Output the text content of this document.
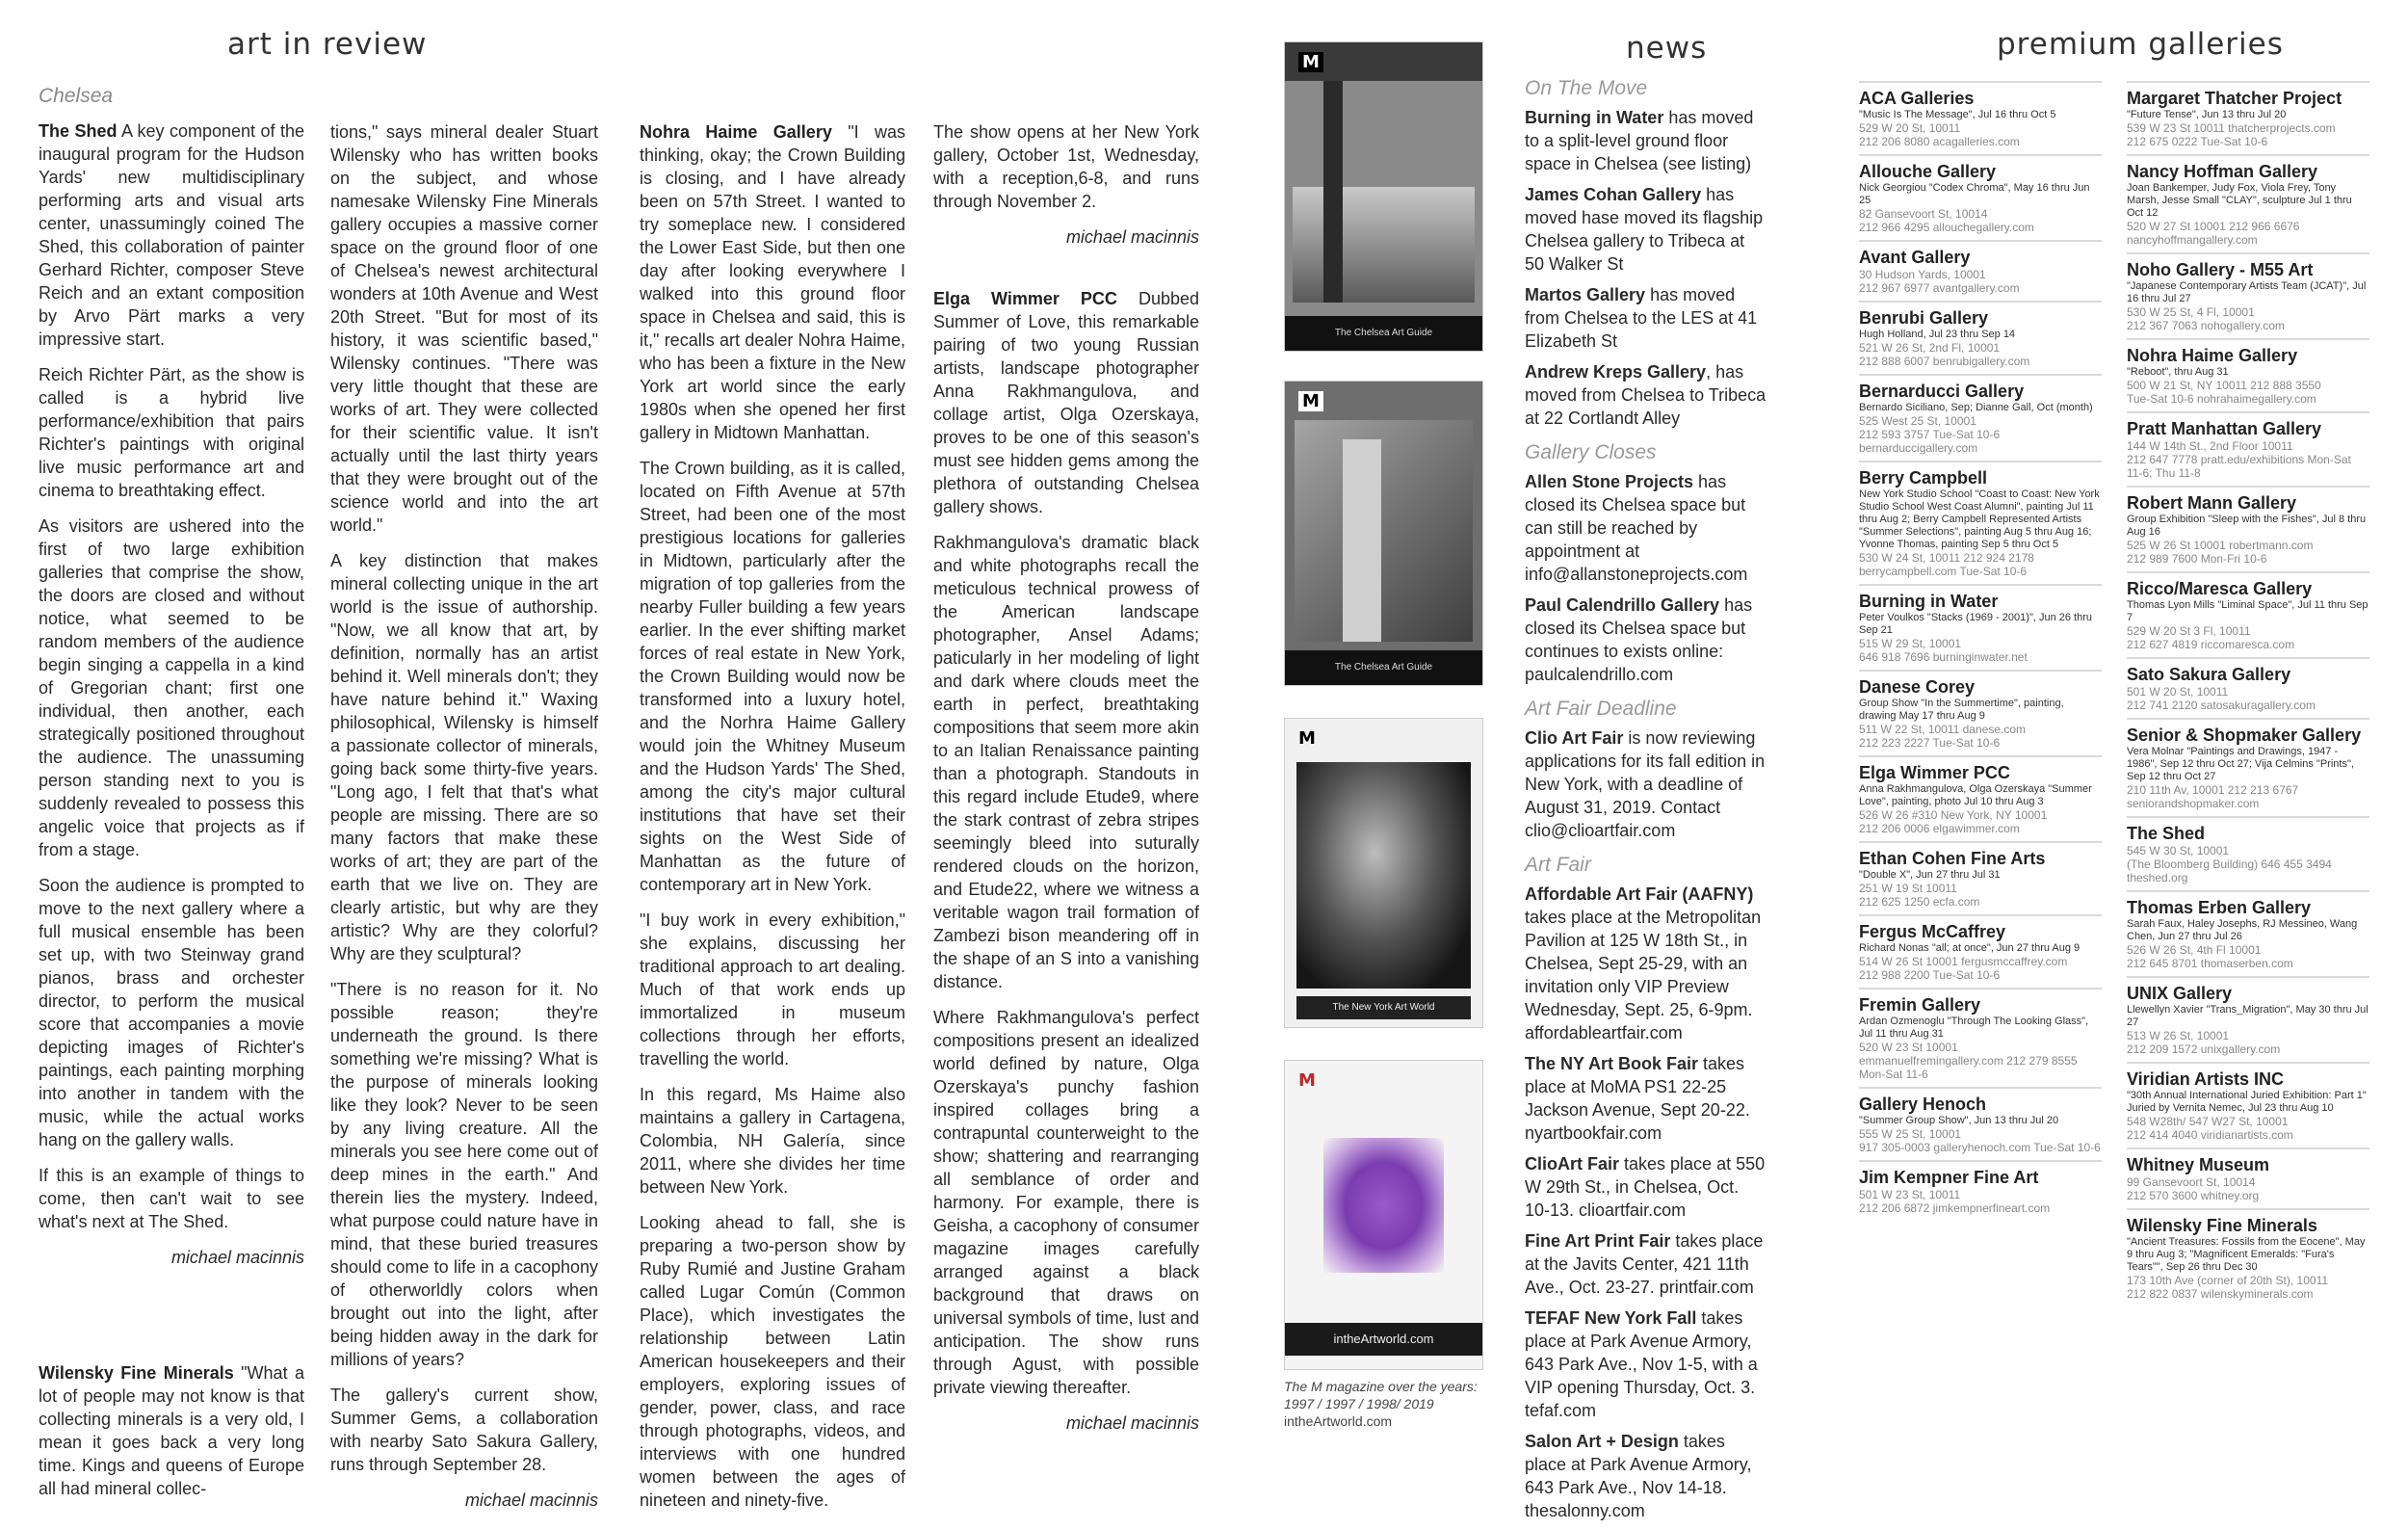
art in review	news	premium galleries
Chelsea

The Shed A key component of the inaugural program for the Hudson Yards' new multidisciplinary performing arts and visual arts center, unassumingly coined The Shed, this collaboration of painter Gerhard Richter, composer Steve Reich and an extant composition by Arvo Pärt marks a very impressive start.

Reich Richter Pärt, as the show is called is a hybrid live performance/exhibition that pairs Richter's paintings with original live music performance art and cinema to breathtaking effect.

As visitors are ushered into the first of two large exhibition galleries that comprise the show, the doors are closed and without notice, what seemed to be random members of the audience begin singing a cappella in a kind of Gregorian chant; first one individual, then another, each strategically positioned throughout the audience. The unassuming person standing next to you is suddenly revealed to possess this angelic voice that projects as if from a stage.

Soon the audience is prompted to move to the next gallery where a full musical ensemble has been set up, with two Steinway grand pianos, brass and orchester director, to perform the musical score that accompanies a movie depicting images of Richter's paintings, each painting morphing into another in tandem with the music, while the actual works hang on the gallery walls.

If this is an example of things to come, then can't wait to see what's next at The Shed.

michael macinnis

Wilensky Fine Minerals "What a lot of people may not know is that collecting minerals is a very old, I mean it goes back a very long time. Kings and queens of Europe all had mineral collec-

tions," says mineral dealer Stuart Wilensky who has written books on the subject, and whose namesake Wilensky Fine Minerals gallery occupies a massive corner space on the ground floor of one of Chelsea's newest architectural wonders at 10th Avenue and West 20th Street. "But for most of its history, it was scientific based," Wilensky continues. "There was very little thought that these are works of art. They were collected for their scientific value. It isn't actually until the last thirty years that they were brought out of the science world and into the art world."

A key distinction that makes mineral collecting unique in the art world is the issue of authorship. "Now, we all know that art, by definition, normally has an artist behind it. Well minerals don't; they have nature behind it." Waxing philosophical, Wilensky is himself a passionate collector of minerals, going back some thirty-five years. "Long ago, I felt that that's what people are missing. There are so many factors that make these works of art; they are part of the earth that we live on. They are clearly artistic, but why are they artistic? Why are they colorful? Why are they sculptural?

"There is no reason for it. No possible reason; they're underneath the ground. Is there something we're missing? What is the purpose of minerals looking like they look? Never to be seen by any living creature. All the minerals you see here come out of deep mines in the earth." And therein lies the mystery. Indeed, what purpose could nature have in mind, that these buried treasures should come to life in a cacophony of otherworldly colors when brought out into the light, after being hidden away in the dark for millions of years?

The gallery's current show, Summer Gems, a collaboration with nearby Sato Sakura Gallery, runs through September 28.

michael macinnis

Nohra Haime Gallery "I was thinking, okay; the Crown Building is closing, and I have already been on 57th Street. I wanted to try someplace new. I considered the Lower East Side, but then one day after looking everywhere I walked into this ground floor space in Chelsea and said, this is it," recalls art dealer Nohra Haime, who has been a fixture in the New York art world since the early 1980s when she opened her first gallery in Midtown Manhattan.

The Crown building, as it is called, located on Fifth Avenue at 57th Street, had been one of the most prestigious locations for galleries in Midtown, particularly after the migration of top galleries from the nearby Fuller building a few years earlier. In the ever shifting market forces of real estate in New York, the Crown Building would now be transformed into a luxury hotel, and the Norhra Haime Gallery would join the Whitney Museum and the Hudson Yards' The Shed, among the city's major cultural institutions that have set their sights on the West Side of Manhattan as the future of contemporary art in New York.

"I buy work in every exhibition," she explains, discussing her traditional approach to art dealing. Much of that work ends up immortalized in museum collections through her efforts, travelling the world.

In this regard, Ms Haime also maintains a gallery in Cartagena, Colombia, NH Galería, since 2011, where she divides her time between New York.

Looking ahead to fall, she is preparing a two-person show by Ruby Rumié and Justine Graham called Lugar Común (Common Place), which investigates the relationship between Latin American housekeepers and their employers, exploring issues of gender, power, class, and race through photographs, videos, and interviews with one hundred women between the ages of nineteen and ninety-five.

The show opens at her New York gallery, October 1st, Wednesday, with a reception,6-8, and runs through November 2.

michael macinnis

Elga Wimmer PCC Dubbed Summer of Love, this remarkable pairing of two young Russian artists, landscape photographer Anna Rakhmangulova, and collage artist, Olga Ozerskaya, proves to be one of this season's must see hidden gems among the plethora of outstanding Chelsea gallery shows.

Rakhmangulova's dramatic black and white photographs recall the meticulous technical prowess of the American landscape photographer, Ansel Adams; paticularly in her modeling of light and dark where clouds meet the earth in perfect, breathtaking compositions that seem more akin to an Italian Renaissance painting than a photograph. Standouts in this regard include Etude9, where the stark contrast of zebra stripes seemingly bleed into suturally rendered clouds on the horizon, and Etude22, where we witness a veritable wagon trail formation of Zambezi bison meandering off in the shape of an S into a vanishing distance.

Where Rakhmangulova's perfect compositions present an idealized world defined by nature, Olga Ozerskaya's punchy fashion inspired collages bring a contrapuntal counterweight to the show; shattering and rearranging all semblance of order and harmony. For example, there is Geisha, a cacophony of consumer magazine images carefully arranged against a black background that draws on universal symbols of time, lust and anticipation. The show runs through Agust, with possible private viewing thereafter.

michael macinnis

M
The Chelsea Art Guide
M
The Chelsea Art Guide
M
The New York Art World
M
intheArtworld.com
The M magazine over the years:
1997 / 1997 / 1998/ 2019
intheArtworld.com
On The Move
Burning in Water has moved to a split-level ground floor space in Chelsea (see listing)
James Cohan Gallery has moved hase moved its flagship Chelsea gallery to Tribeca at 50 Walker St
Martos Gallery has moved from Chelsea to the LES at 41 Elizabeth St
Andrew Kreps Gallery, has moved from Chelsea to Tribeca at 22 Cortlandt Alley
Gallery Closes
Allen Stone Projects has closed its Chelsea space but can still be reached by appointment at info@allanstoneprojects.com
Paul Calendrillo Gallery has closed its Chelsea space but continues to exists online: paulcalendrillo.com
Art Fair Deadline
Clio Art Fair is now reviewing applications for its fall edition in New York, with a deadline of August 31, 2019. Contact clio@clioartfair.com
Art Fair
Affordable Art Fair (AAFNY) takes place at the Metropolitan Pavilion at 125 W 18th St., in Chelsea, Sept 25-29, with an invitation only VIP Preview Wednesday, Sept. 25, 6-9pm. affordableartfair.com
The NY Art Book Fair takes place at MoMA PS1 22-25 Jackson Avenue, Sept 20-22. nyartbookfair.com
ClioArt Fair takes place at 550 W 29th St., in Chelsea, Oct. 10-13. clioartfair.com
Fine Art Print Fair takes place at the Javits Center, 421 11th Ave., Oct. 23-27. printfair.com
TEFAF New York Fall takes place at Park Avenue Armory, 643 Park Ave., Nov 1-5, with a VIP opening Thursday, Oct. 3. tefaf.com
Salon Art + Design takes place at Park Avenue Armory, 643 Park Ave., Nov 14-18. thesalonny.com
ACA Galleries
"Music Is The Message", Jul 16 thru Oct 5
529 W 20 St, 10011
212 206 8080 acagalleries.com
Allouche Gallery
Nick Georgiou "Codex Chroma", May 16 thru Jun 25
82 Gansevoort St, 10014
212 966 4295 allouchegallery.com
Avant Gallery
30 Hudson Yards, 10001
212 967 6977 avantgallery.com
Benrubi Gallery
Hugh Holland, Jul 23 thru Sep 14
521 W 26 St, 2nd Fl, 10001
212 888 6007 benrubigallery.com
Bernarducci Gallery
Bernardo Siciliano, Sep; Dianne Gall, Oct (month)
525 West 25 St, 10001
212 593 3757 Tue-Sat 10-6 bernarduccigallery.com
Berry Campbell
New York Studio School "Coast to Coast: New York Studio School West Coast Alumni", painting Jul 11 thru Aug 2; Berry Campbell Represented Artists "Summer Selections", painting Aug 5 thru Aug 16; Yvonne Thomas, painting Sep 5 thru Oct 5
530 W 24 St, 10011 212 924 2178
berrycampbell.com Tue-Sat 10-6
Burning in Water
Peter Voulkos "Stacks (1969 - 2001)", Jun 26 thru Sep 21
515 W 29 St, 10001
646 918 7696 burninginwater.net
Danese Corey
Group Show "In the Summertime", painting, drawing May 17 thru Aug 9
511 W 22 St, 10011 danese.com
212 223 2227 Tue-Sat 10-6
Elga Wimmer PCC
Anna Rakhmangulova, Olga Ozerskaya "Summer Love", painting, photo Jul 10 thru Aug 3
526 W 26 #310 New York, NY 10001
212 206 0006 elgawimmer.com
Ethan Cohen Fine Arts
"Double X", Jun 27 thru Jul 31
251 W 19 St 10011
212 625 1250 ecfa.com
Fergus McCaffrey
Richard Nonas "all; at once", Jun 27 thru Aug 9
514 W 26 St 10001 fergusmccaffrey.com
212 988 2200 Tue-Sat 10-6
Fremin Gallery
Ardan Ozmenoglu "Through The Looking Glass", Jul 11 thru Aug 31
520 W 23 St 10001
emmanuelfremingallery.com 212 279 8555 Mon-Sat 11-6
Gallery Henoch
"Summer Group Show", Jun 13 thru Jul 20
555 W 25 St, 10001
917 305-0003 galleryhenoch.com Tue-Sat 10-6
Jim Kempner Fine Art
501 W 23 St, 10011
212 206 6872 jimkempnerfineart.com
Margaret Thatcher Project
"Future Tense", Jun 13 thru Jul 20
539 W 23 St 10011 thatcherprojects.com
212 675 0222 Tue-Sat 10-6
Nancy Hoffman Gallery
Joan Bankemper, Judy Fox, Viola Frey, Tony Marsh, Jesse Small "CLAY", sculpture Jul 1 thru Oct 12
520 W 27 St 10001 212 966 6676
nancyhoffmangallery.com
Noho Gallery - M55 Art
"Japanese Contemporary Artists Team (JCAT)", Jul 16 thru Jul 27
530 W 25 St, 4 Fl, 10001
212 367 7063 nohogallery.com
Nohra Haime Gallery
"Reboot", thru Aug 31
500 W 21 St, NY 10011 212 888 3550
Tue-Sat 10-6 nohrahaimegallery.com
Pratt Manhattan Gallery
144 W 14th St., 2nd Floor 10011
212 647 7778 pratt.edu/exhibitions Mon-Sat 11-6; Thu 11-8
Robert Mann Gallery
Group Exhibition "Sleep with the Fishes", Jul 8 thru Aug 16
525 W 26 St 10001 robertmann.com
212 989 7600 Mon-Fri 10-6
Ricco/Maresca Gallery
Thomas Lyon Mills "Liminal Space", Jul 11 thru Sep 7
529 W 20 St 3 Fl, 10011
212 627 4819 riccomaresca.com
Sato Sakura Gallery
501 W 20 St, 10011
212 741 2120 satosakuragallery.com
Senior & Shopmaker Gallery
Vera Molnar "Paintings and Drawings, 1947 - 1986", Sep 12 thru Oct 27; Vija Celmins "Prints", Sep 12 thru Oct 27
210 11th Av, 10001 212 213 6767
seniorandshopmaker.com
The Shed
545 W 30 St, 10001
(The Bloomberg Building) 646 455 3494 theshed.org
Thomas Erben Gallery
Sarah Faux, Haley Josephs, RJ Messineo, Wang Chen, Jun 27 thru Jul 26
526 W 26 St, 4th Fl 10001
212 645 8701 thomaserben.com
UNIX Gallery
Llewellyn Xavier "Trans_Migration", May 30 thru Jul 27
513 W 26 St, 10001
212 209 1572 unixgallery.com
Viridian Artists INC
"30th Annual International Juried Exhibition: Part 1" Juried by Vernita Nemec, Jul 23 thru Aug 10
548 W28th/ 547 W27 St, 10001
212 414 4040 viridianartists.com
Whitney Museum
99 Gansevoort St, 10014
212 570 3600 whitney.org
Wilensky Fine Minerals
"Ancient Treasures: Fossils from the Eocene", May 9 thru Aug 3; "Magnificent Emeralds: "Fura's Tears"", Sep 26 thru Dec 30
173 10th Ave (corner of 20th St), 10011
212 822 0837 wilenskyminerals.com
